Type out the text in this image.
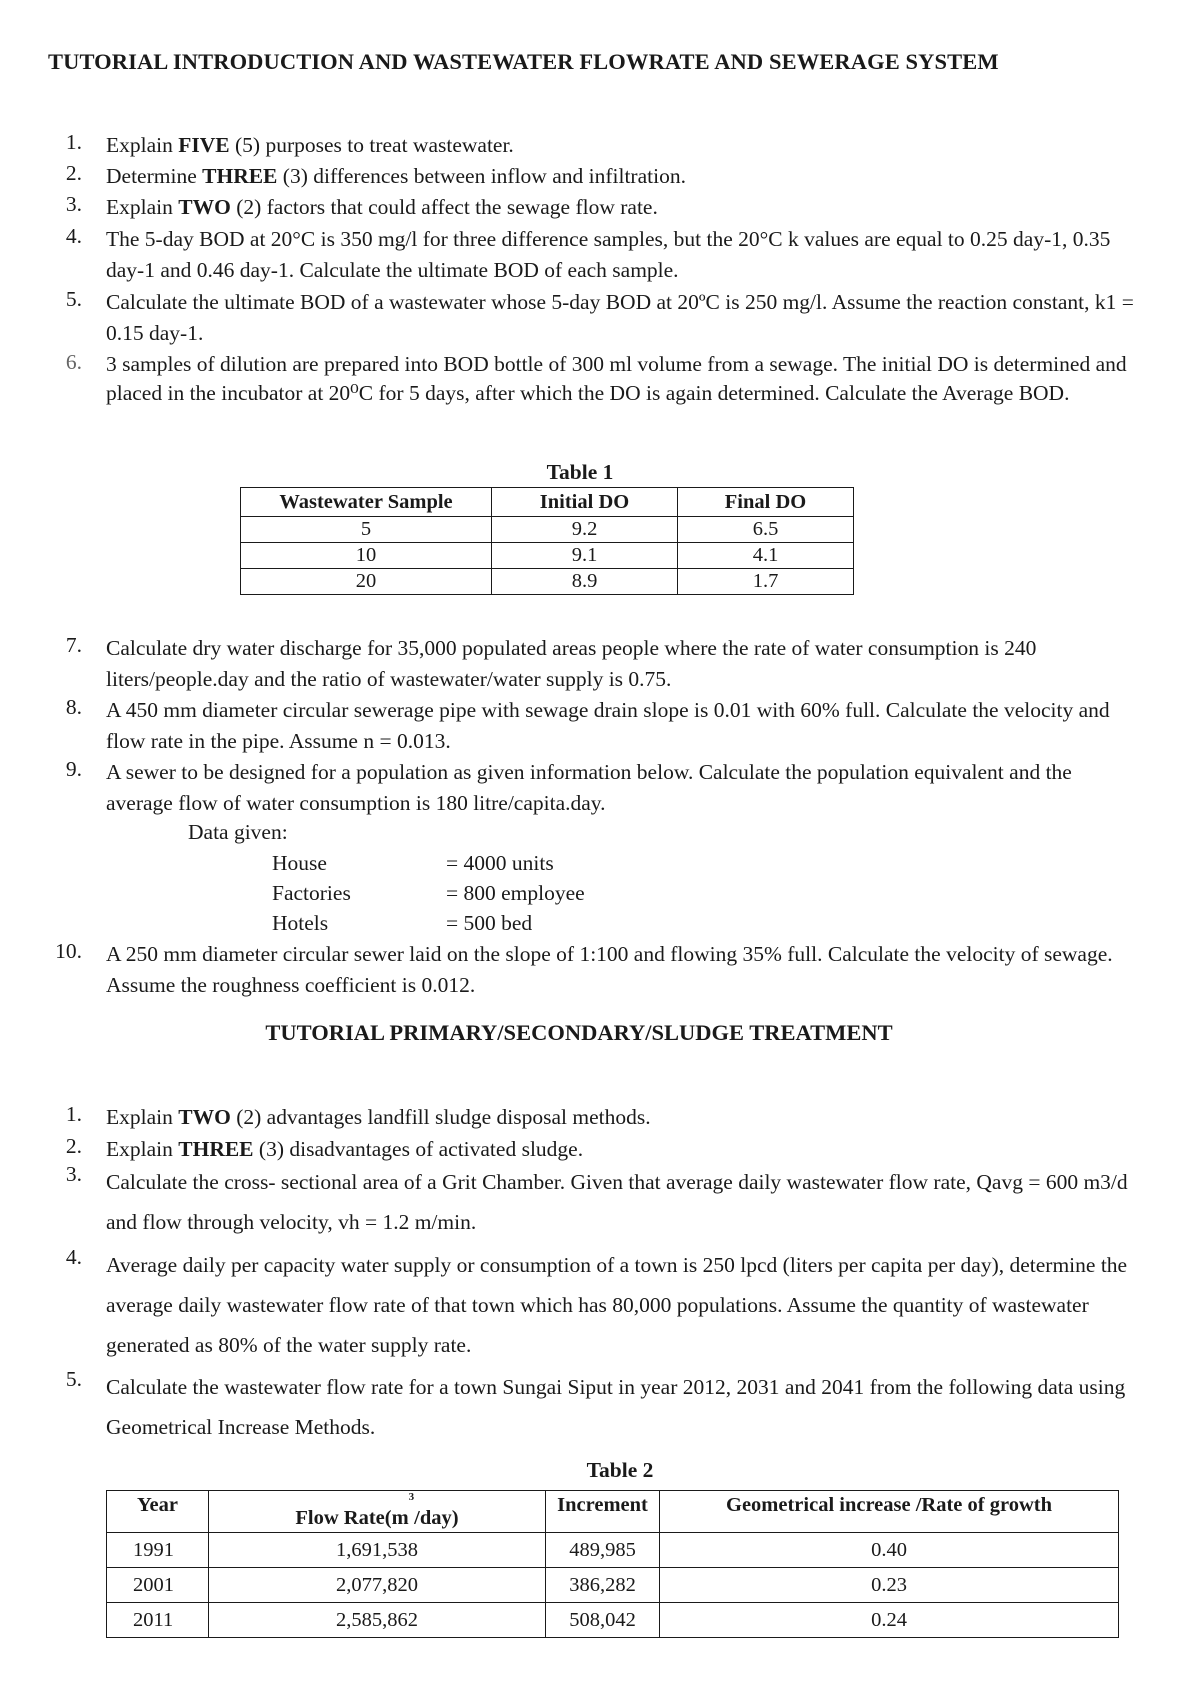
TUTORIAL INTRODUCTION AND WASTEWATER FLOWRATE AND SEWERAGE SYSTEM
1. Explain FIVE (5) purposes to treat wastewater.
2. Determine THREE (3) differences between inflow and infiltration.
3. Explain TWO (2) factors that could affect the sewage flow rate.
4. The 5-day BOD at 20°C is 350 mg/l for three difference samples, but the 20°C k values are equal to 0.25 day-1, 0.35 day-1 and 0.46 day-1. Calculate the ultimate BOD of each sample.
5. Calculate the ultimate BOD of a wastewater whose 5-day BOD at 20ºC is 250 mg/l. Assume the reaction constant, k1 = 0.15 day-1.
6. 3 samples of dilution are prepared into BOD bottle of 300 ml volume from a sewage. The initial DO is determined and placed in the incubator at 20⁰C for 5 days, after which the DO is again determined. Calculate the Average BOD.
Table 1
Wastewater Sample	Initial DO	Final DO
5	9.2	6.5
10	9.1	4.1
20	8.9	1.7
7. Calculate dry water discharge for 35,000 populated areas people where the rate of water consumption is 240 liters/people.day and the ratio of wastewater/water supply is 0.75.
8. A 450 mm diameter circular sewerage pipe with sewage drain slope is 0.01 with 60% full. Calculate the velocity and flow rate in the pipe. Assume n = 0.013.
9. A sewer to be designed for a population as given information below. Calculate the population equivalent and the average flow of water consumption is 180 litre/capita.day.
Data given:
House	= 4000 units
Factories	= 800 employee
Hotels	= 500 bed
10. A 250 mm diameter circular sewer laid on the slope of 1:100 and flowing 35% full. Calculate the velocity of sewage. Assume the roughness coefficient is 0.012.
TUTORIAL PRIMARY/SECONDARY/SLUDGE TREATMENT
1. Explain TWO (2) advantages landfill sludge disposal methods.
2. Explain THREE (3) disadvantages of activated sludge.
3. Calculate the cross- sectional area of a Grit Chamber. Given that average daily wastewater flow rate, Qavg = 600 m3/d and flow through velocity, vh = 1.2 m/min.
4. Average daily per capacity water supply or consumption of a town is 250 lpcd (liters per capita per day), determine the average daily wastewater flow rate of that town which has 80,000 populations. Assume the quantity of wastewater generated as 80% of the water supply rate.
5. Calculate the wastewater flow rate for a town Sungai Siput in year 2012, 2031 and 2041 from the following data using Geometrical Increase Methods.
Table 2
Year	Flow $Rate(m^3/day)$	Increment	Geometrical increase /Rate of growth
1991	1,691,538	489,985	0.40
2001	2,077,820	386,282	0.23
2011	2,585,862	508,042	0.24
